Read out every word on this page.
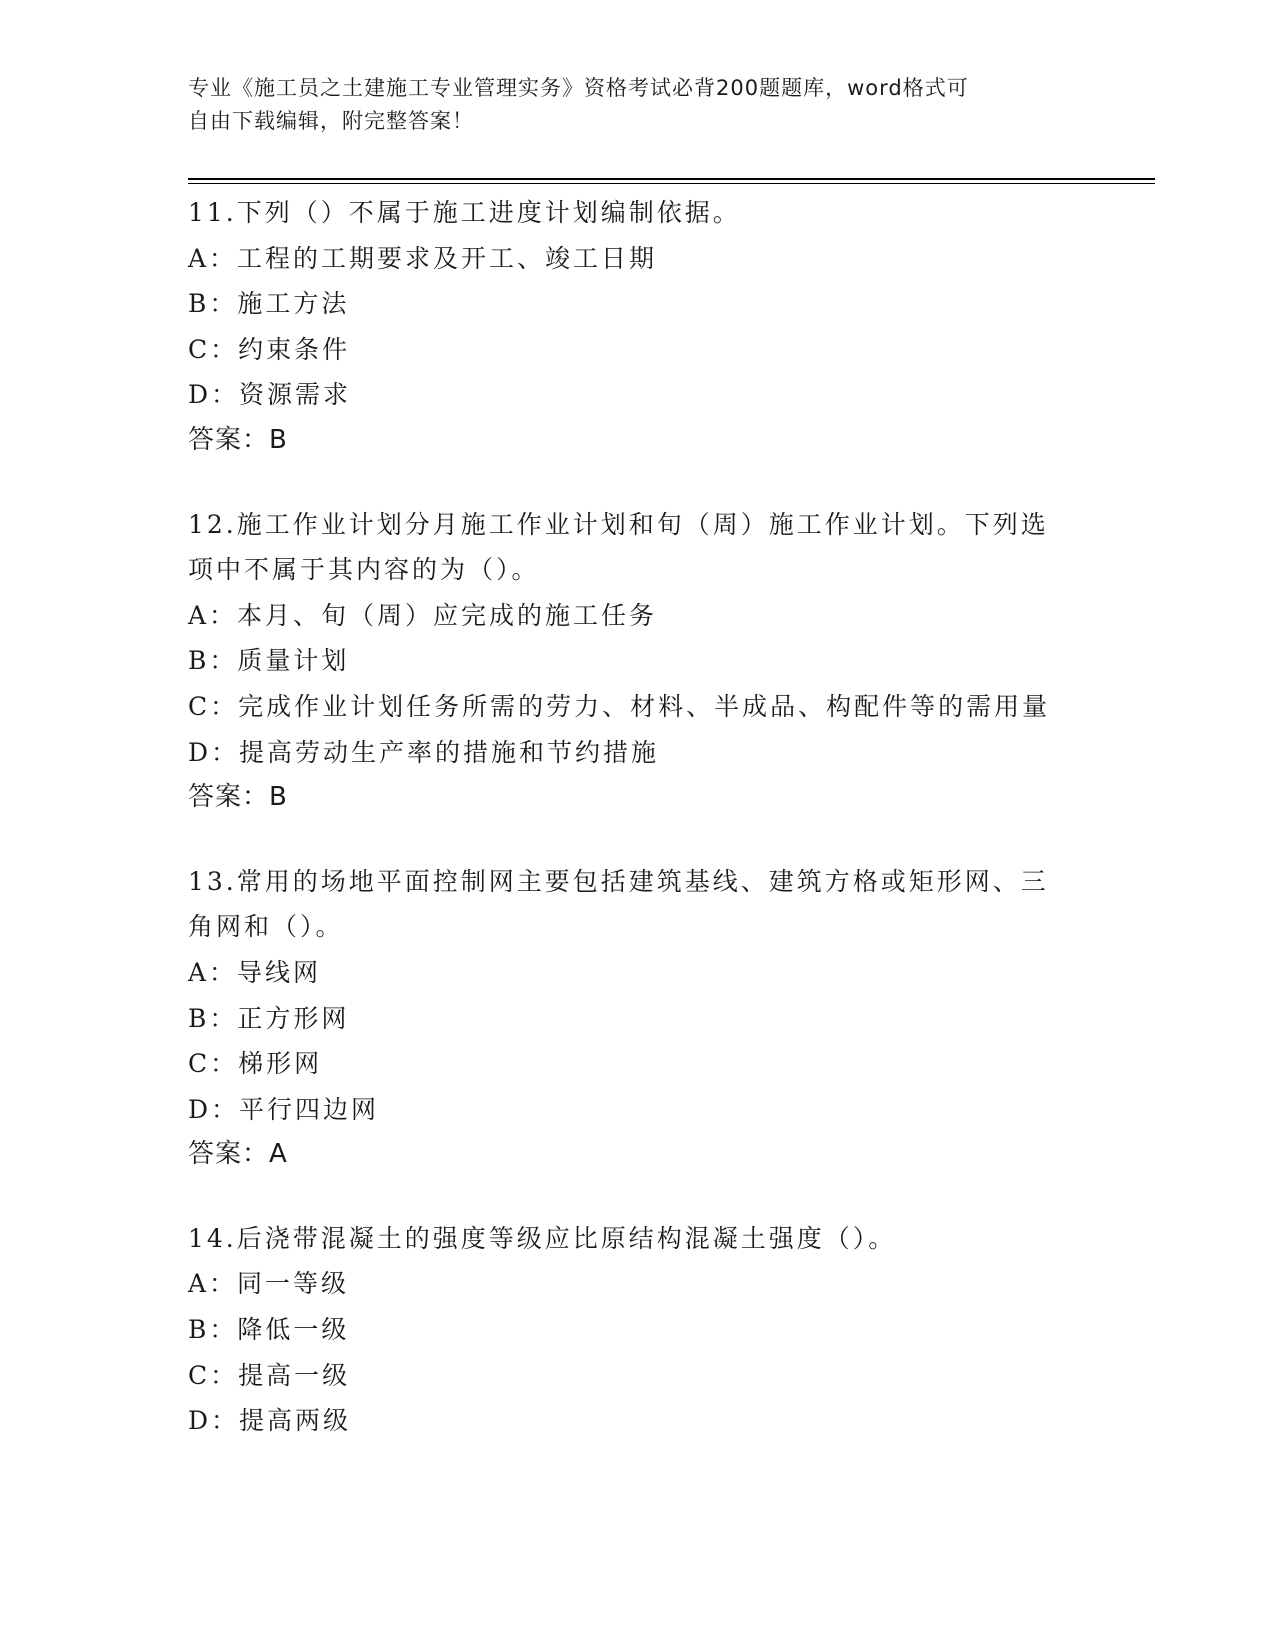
专业《施工员之土建施工专业管理实务》资格考试必背200题题库，word格式可
自由下载编辑，附完整答案！
11.下列（）不属于施工进度计划编制依据。
A：工程的工期要求及开工、竣工日期
B：施工方法
C：约束条件
D：资源需求
答案：B
12.施工作业计划分月施工作业计划和旬（周）施工作业计划。下列选
项中不属于其内容的为（）。
A：本月、旬（周）应完成的施工任务
B：质量计划
C：完成作业计划任务所需的劳力、材料、半成品、构配件等的需用量
D：提高劳动生产率的措施和节约措施
答案：B
13.常用的场地平面控制网主要包括建筑基线、建筑方格或矩形网、三
角网和（）。
A：导线网
B：正方形网
C：梯形网
D：平行四边网
答案：A
14.后浇带混凝土的强度等级应比原结构混凝土强度（）。
A：同一等级
B：降低一级
C：提高一级
D：提高两级
